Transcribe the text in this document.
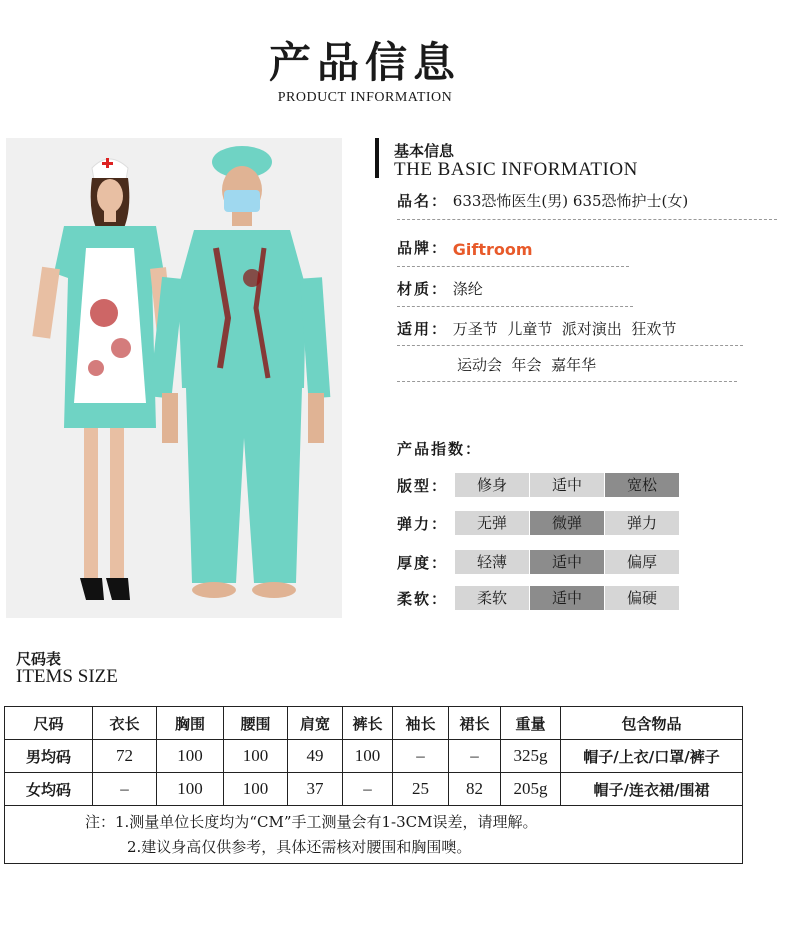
产品信息
PRODUCT INFORMATION
基本信息
THE BASIC INFORMATION
品名： 633恐怖医生(男) 635恐怖护士(女)
品牌： Giftroom
材质： 涤纶
适用： 万圣节  儿童节  派对演出  狂欢节
运动会  年会  嘉年华
产品指数：
版型：	修身	适中	宽松
弹力：	无弹	微弹	弹力
厚度：	轻薄	适中	偏厚
柔软：	柔软	适中	偏硬
尺码表
ITEMS SIZE
尺码	衣长	胸围	腰围	肩宽	裤长	袖长	裙长	重量	包含物品
男均码	72	100	100	49	100	–	–	325g	帽子/上衣/口罩/裤子
女均码	–	100	100	37	–	25	82	205g	帽子/连衣裙/围裙

注：1.测量单位长度均为“CM”手工测量会有1-3CM误差，请理解。
2.建议身高仅供参考，具体还需核对腰围和胸围噢。									
